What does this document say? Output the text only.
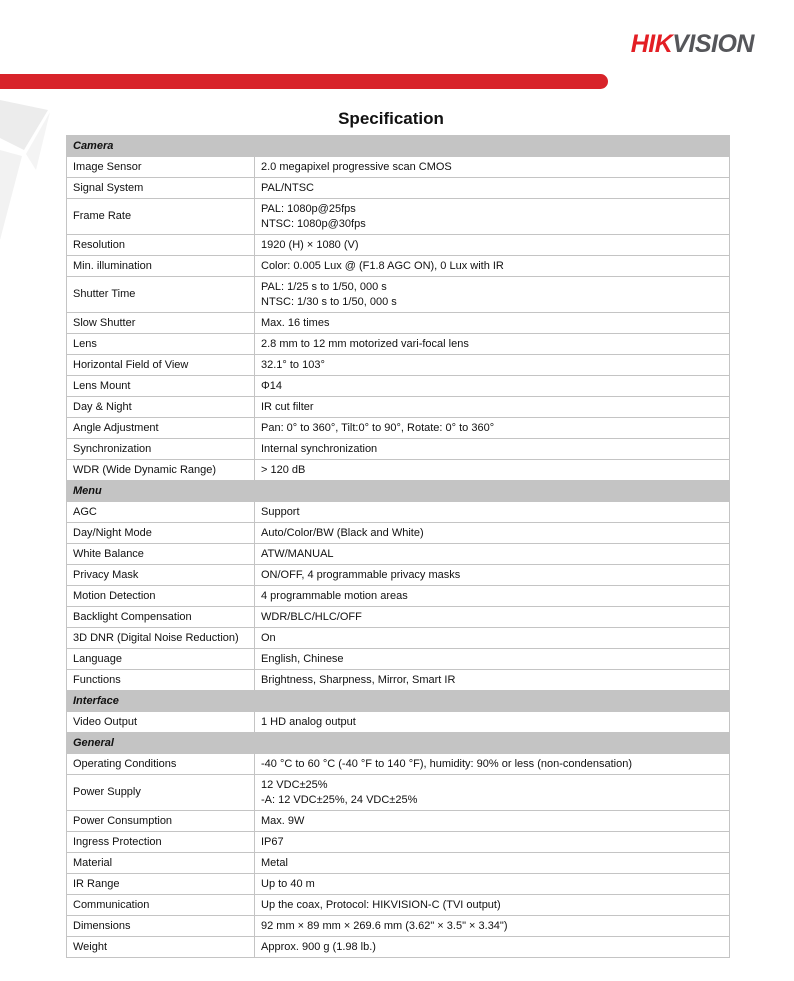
HIKVISION
Specification
Camera	
Image Sensor	2.0 megapixel progressive scan CMOS

Signal System	PAL/NTSC

Frame Rate	PAL: 1080p@25fps
NTSC: 1080p@30fps

Resolution	1920 (H) × 1080 (V)

Min. illumination	Color: 0.005 Lux @ (F1.8 AGC ON), 0 Lux with IR

Shutter Time	PAL: 1/25 s to 1/50, 000 s
NTSC: 1/30 s to 1/50, 000 s

Slow Shutter	Max. 16 times

Lens	2.8 mm to 12 mm motorized vari-focal lens

Horizontal Field of View	32.1° to 103°

Lens Mount	Φ14

Day & Night	IR cut filter

Angle Adjustment	Pan: 0° to 360°, Tilt:0° to 90°, Rotate: 0° to 360°

Synchronization	Internal synchronization

WDR (Wide Dynamic Range)	> 120 dB

Menu	
AGC	Support

Day/Night Mode	Auto/Color/BW (Black and White)

White Balance	ATW/MANUAL

Privacy Mask	ON/OFF, 4 programmable privacy masks

Motion Detection	4 programmable motion areas

Backlight Compensation	WDR/BLC/HLC/OFF

3D DNR (Digital Noise Reduction)	On

Language	English, Chinese

Functions	Brightness, Sharpness, Mirror, Smart IR

Interface	
Video Output	1 HD analog output

General	
Operating Conditions	-40 °C to 60 °C (-40 °F to 140 °F), humidity: 90% or less (non-condensation)

Power Supply	12 VDC±25%
-A: 12 VDC±25%, 24 VDC±25%

Power Consumption	Max. 9W

Ingress Protection	IP67

Material	Metal

IR Range	Up to 40 m

Communication	Up the coax, Protocol: HIKVISION-C (TVI output)

Dimensions	92 mm × 89 mm × 269.6 mm (3.62" × 3.5" × 3.34")

Weight	Approx. 900 g (1.98 lb.)
